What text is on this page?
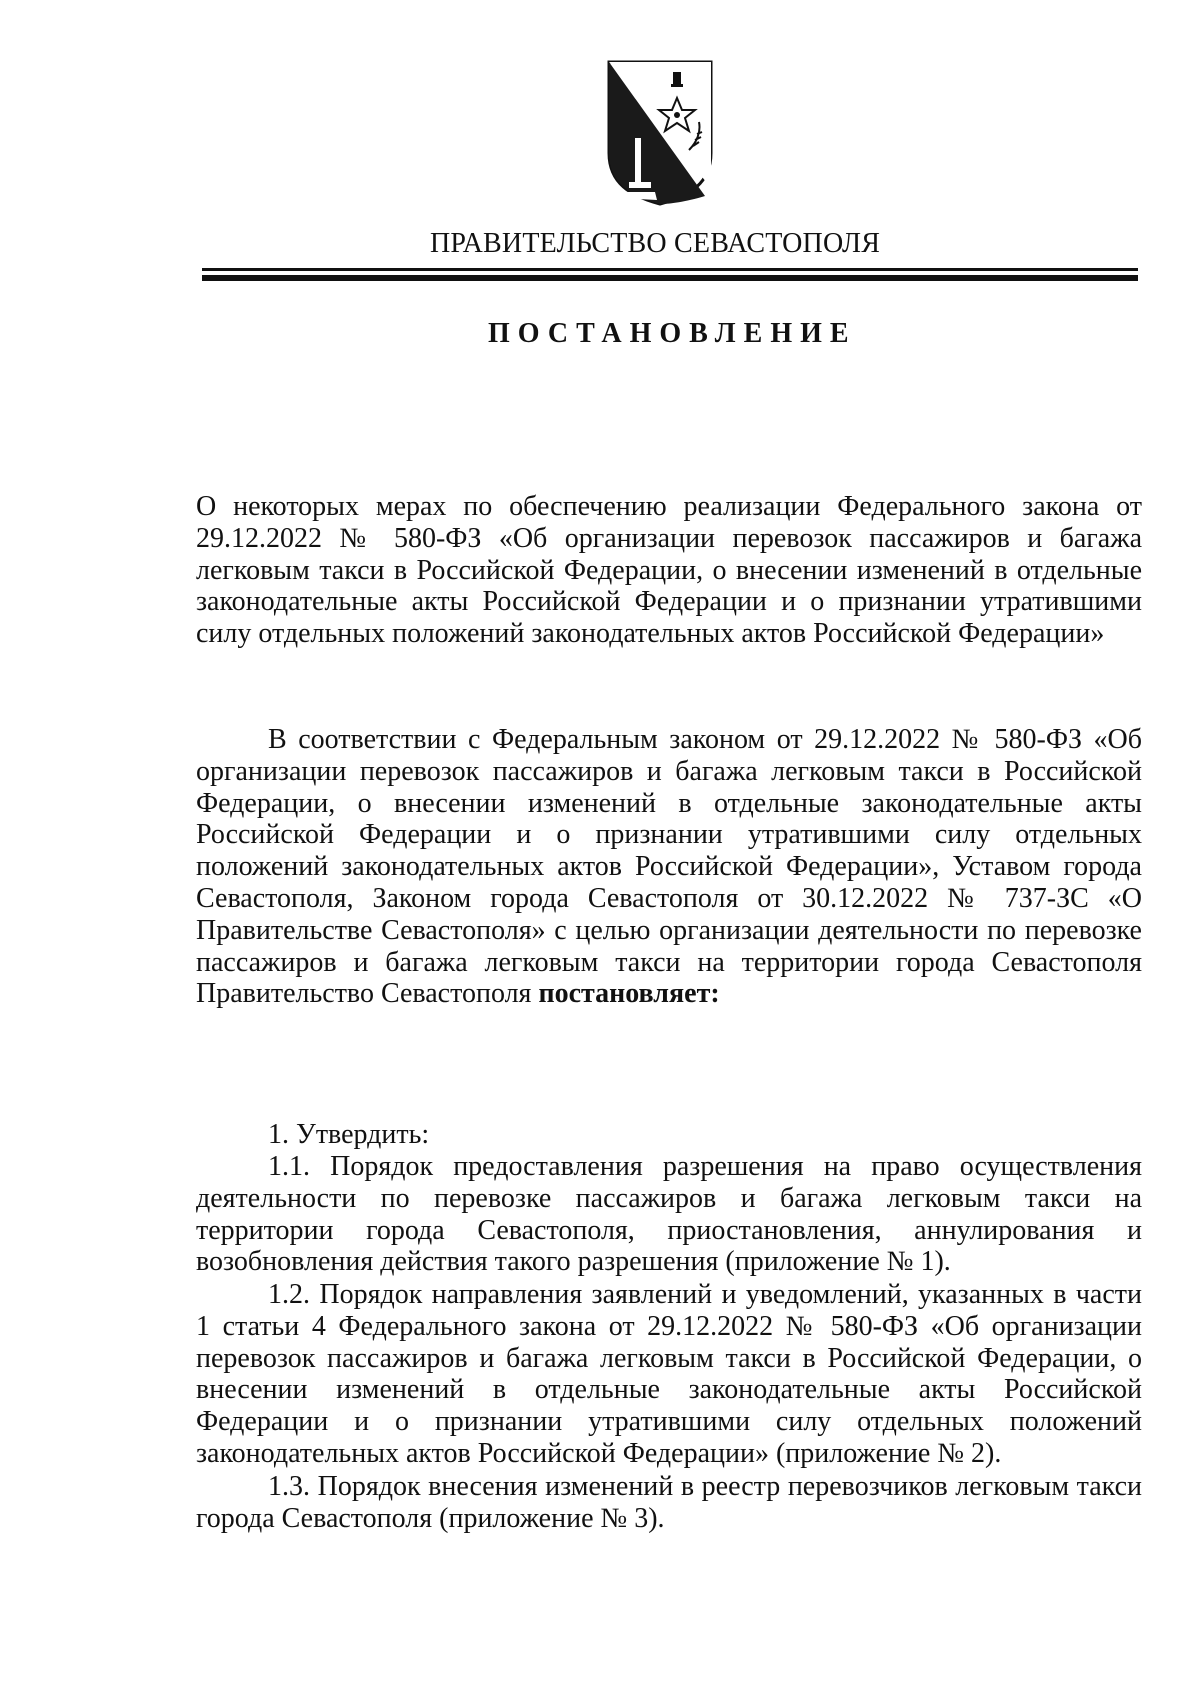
ПРАВИТЕЛЬСТВО СЕВАСТОПОЛЯ
ПОСТАНОВЛЕНИЕ
О некоторых мерах по обеспечению реализации Федерального закона от 29.12.2022 № 580-ФЗ «Об организации перевозок пассажиров и багажа легковым такси в Российской Федерации, о внесении изменений в отдельные законодательные акты Российской Федерации и о признании утратившими силу отдельных положений законодательных актов Российской Федерации»
В соответствии с Федеральным законом от 29.12.2022 № 580-ФЗ «Об организации перевозок пассажиров и багажа легковым такси в Российской Федерации, о внесении изменений в отдельные законодательные акты Российской Федерации и о признании утратившими силу отдельных положений законодательных актов Российской Федерации», Уставом города Севастополя, Законом города Севастополя от 30.12.2022 № 737-ЗС «О Правительстве Севастополя» с целью организации деятельности по перевозке пассажиров и багажа легковым такси на территории города Севастополя Правительство Севастополя постановляет:
1. Утвердить:
1.1. Порядок предоставления разрешения на право осуществления деятельности по перевозке пассажиров и багажа легковым такси на территории города Севастополя, приостановления, аннулирования и возобновления действия такого разрешения (приложение № 1).
1.2. Порядок направления заявлений и уведомлений, указанных в части 1 статьи 4 Федерального закона от 29.12.2022 № 580-ФЗ «Об организации перевозок пассажиров и багажа легковым такси в Российской Федерации, о внесении изменений в отдельные законодательные акты Российской Федерации и о признании утратившими силу отдельных положений законодательных актов Российской Федерации» (приложение № 2).
1.3. Порядок внесения изменений в реестр перевозчиков легковым такси города Севастополя (приложение № 3).
